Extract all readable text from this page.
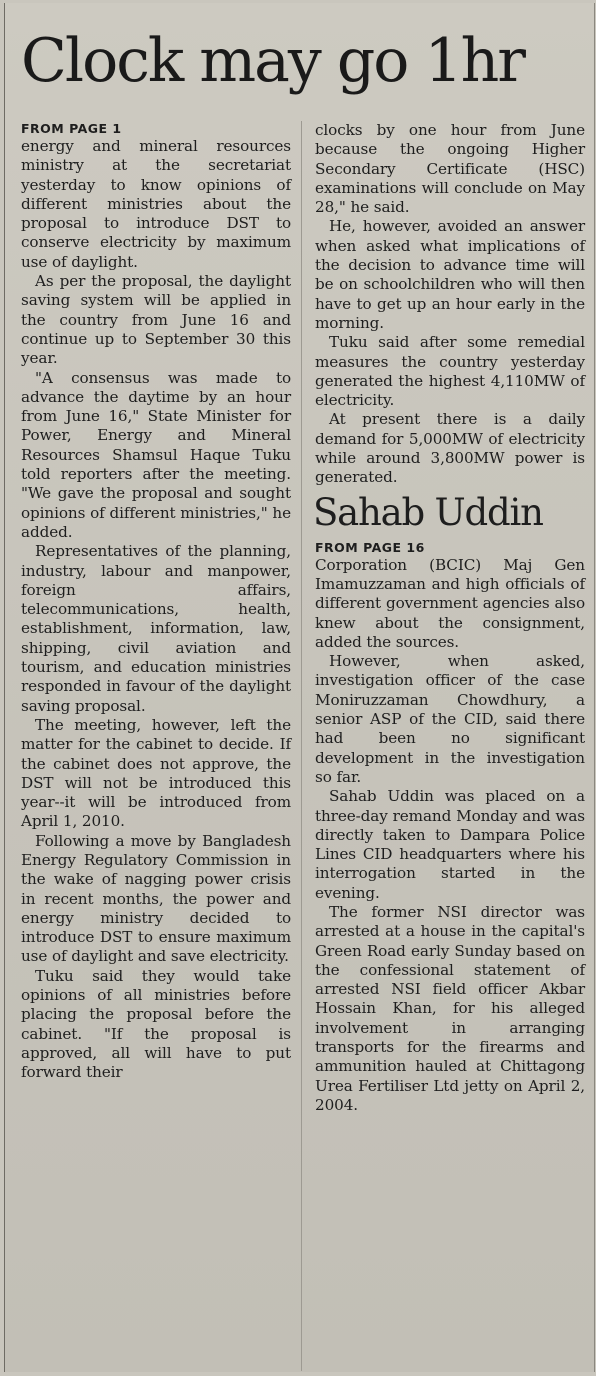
Clock may go 1hr

FROM PAGE 1

energy and mineral resources ministry at the secretariat yesterday to know opinions of different ministries about the proposal to introduce DST to conserve electricity by maximum use of daylight.

As per the proposal, the daylight saving system will be applied in the country from June 16 and continue up to September 30 this year.

"A consensus was made to advance the daytime by an hour from June 16," State Minister for Power, Energy and Mineral Resources Shamsul Haque Tuku told reporters after the meeting. "We gave the proposal and sought opinions of different ministries," he added.

Representatives of the planning, industry, labour and manpower, foreign affairs, telecommunications, health, establishment, information, law, shipping, civil aviation and tourism, and education ministries responded in favour of the daylight saving proposal.

The meeting, however, left the matter for the cabinet to decide. If the cabinet does not approve, the DST will not be introduced this year--it will be introduced from April 1, 2010.

Following a move by Bangladesh Energy Regulatory Commission in the wake of nagging power crisis in recent months, the power and energy ministry decided to introduce DST to ensure maximum use of daylight and save electricity.

Tuku said they would take opinions of all ministries before placing the proposal before the cabinet. "If the proposal is approved, all will have to put forward their

clocks by one hour from June because the ongoing Higher Secondary Certificate (HSC) examinations will conclude on May 28," he said.

He, however, avoided an answer when asked what implications of the decision to advance time will be on schoolchildren who will then have to get up an hour early in the morning.

Tuku said after some remedial measures the country yesterday generated the highest 4,110MW of electricity.

At present there is a daily demand for 5,000MW of electricity while around 3,800MW power is generated.

Sahab Uddin

FROM PAGE 16

Corporation (BCIC) Maj Gen Imamuzzaman and high officials of different government agencies also knew about the consignment, added the sources.

However, when asked, investigation officer of the case Moniruzzaman Chowdhury, a senior ASP of the CID, said there had been no significant development in the investigation so far.

Sahab Uddin was placed on a three-day remand Monday and was directly taken to Dampara Police Lines CID headquarters where his interrogation started in the evening.

The former NSI director was arrested at a house in the capital's Green Road early Sunday based on the confessional statement of arrested NSI field officer Akbar Hossain Khan, for his alleged involvement in arranging transports for the firearms and ammunition hauled at Chittagong Urea Fertiliser Ltd jetty on April 2, 2004.
